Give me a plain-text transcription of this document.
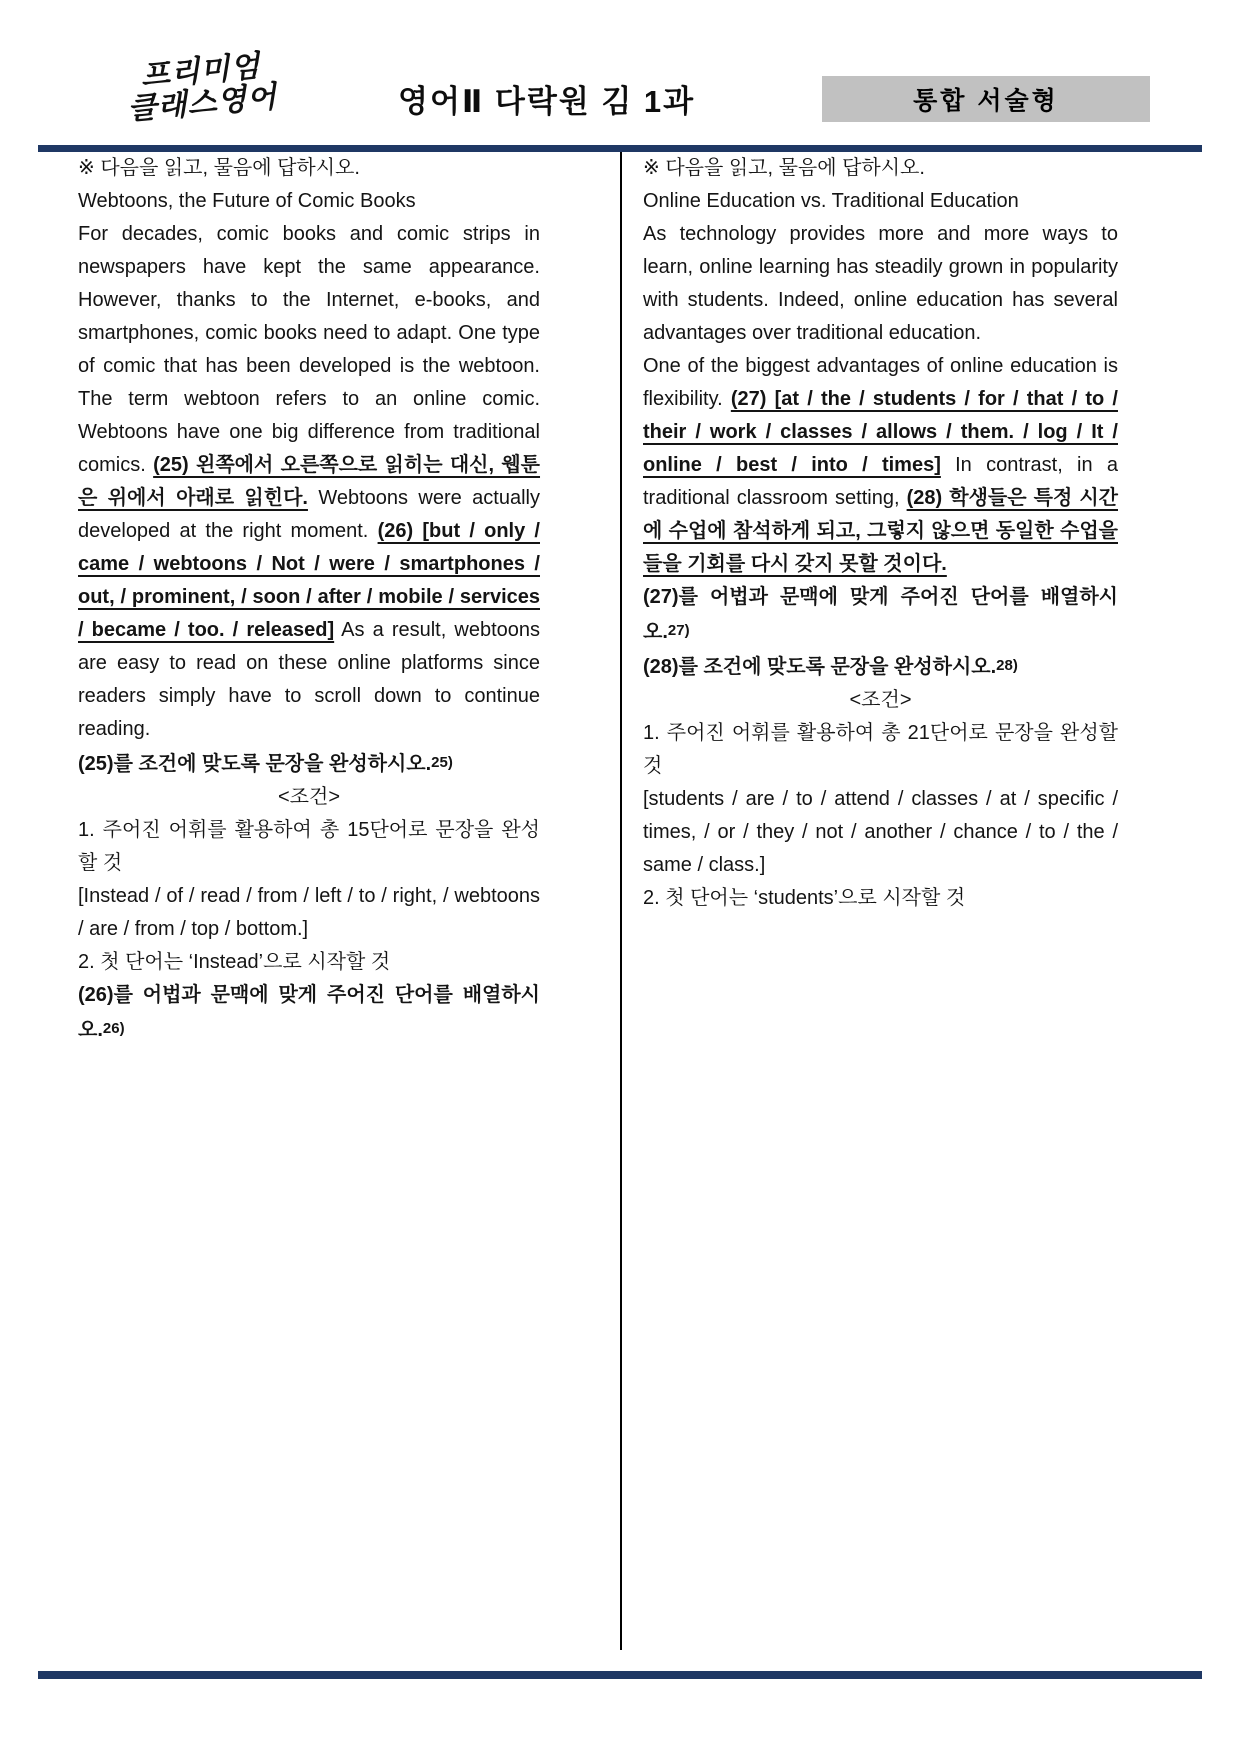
프리미엄
클래스영어	영어Ⅱ 다락원 김 1과	통합 서술형

※ 다음을 읽고, 물음에 답하시오.

Webtoons, the Future of Comic Books

For decades, comic books and comic strips in newspapers have kept the same appearance. However, thanks to the Internet, e-books, and smartphones, comic books need to adapt. One type of comic that has been developed is the webtoon. The term webtoon refers to an online comic. Webtoons have one big difference from traditional comics. (25) 왼쪽에서 오른쪽으로 읽히는 대신, 웹툰은 위에서 아래로 읽힌다. Webtoons were actually developed at the right moment. (26) [but / only / came / webtoons / Not / were / smartphones / out, / prominent, / soon / after / mobile / services / became / too. / released] As a result, webtoons are easy to read on these online platforms since readers simply have to scroll down to continue reading.

(25)를 조건에 맞도록 문장을 완성하시오.25)

<조건>

1. 주어진 어휘를 활용하여 총 15단어로 문장을 완성할 것

[Instead / of / read / from / left / to / right, / webtoons / are / from / top / bottom.]

2. 첫 단어는 ‘Instead’으로 시작할 것

(26)를 어법과 문맥에 맞게 주어진 단어를 배열하시오.26)

※ 다음을 읽고, 물음에 답하시오.

Online Education vs. Traditional Education

As technology provides more and more ways to learn, online learning has steadily grown in popularity with students. Indeed, online education has several advantages over traditional education.

One of the biggest advantages of online education is flexibility. (27) [at / the / students / for / that / to / their / work / classes / allows / them. / log / It / online / best / into / times] In contrast, in a traditional classroom setting, (28) 학생들은 특정 시간에 수업에 참석하게 되고, 그렇지 않으면 동일한 수업을 들을 기회를 다시 갖지 못할 것이다.

(27)를 어법과 문맥에 맞게 주어진 단어를 배열하시오.27)

(28)를 조건에 맞도록 문장을 완성하시오.28)

<조건>

1. 주어진 어휘를 활용하여 총 21단어로 문장을 완성할 것

[students / are / to / attend / classes / at / specific / times, / or / they / not / another / chance / to / the / same / class.]

2. 첫 단어는 ‘students’으로 시작할 것
